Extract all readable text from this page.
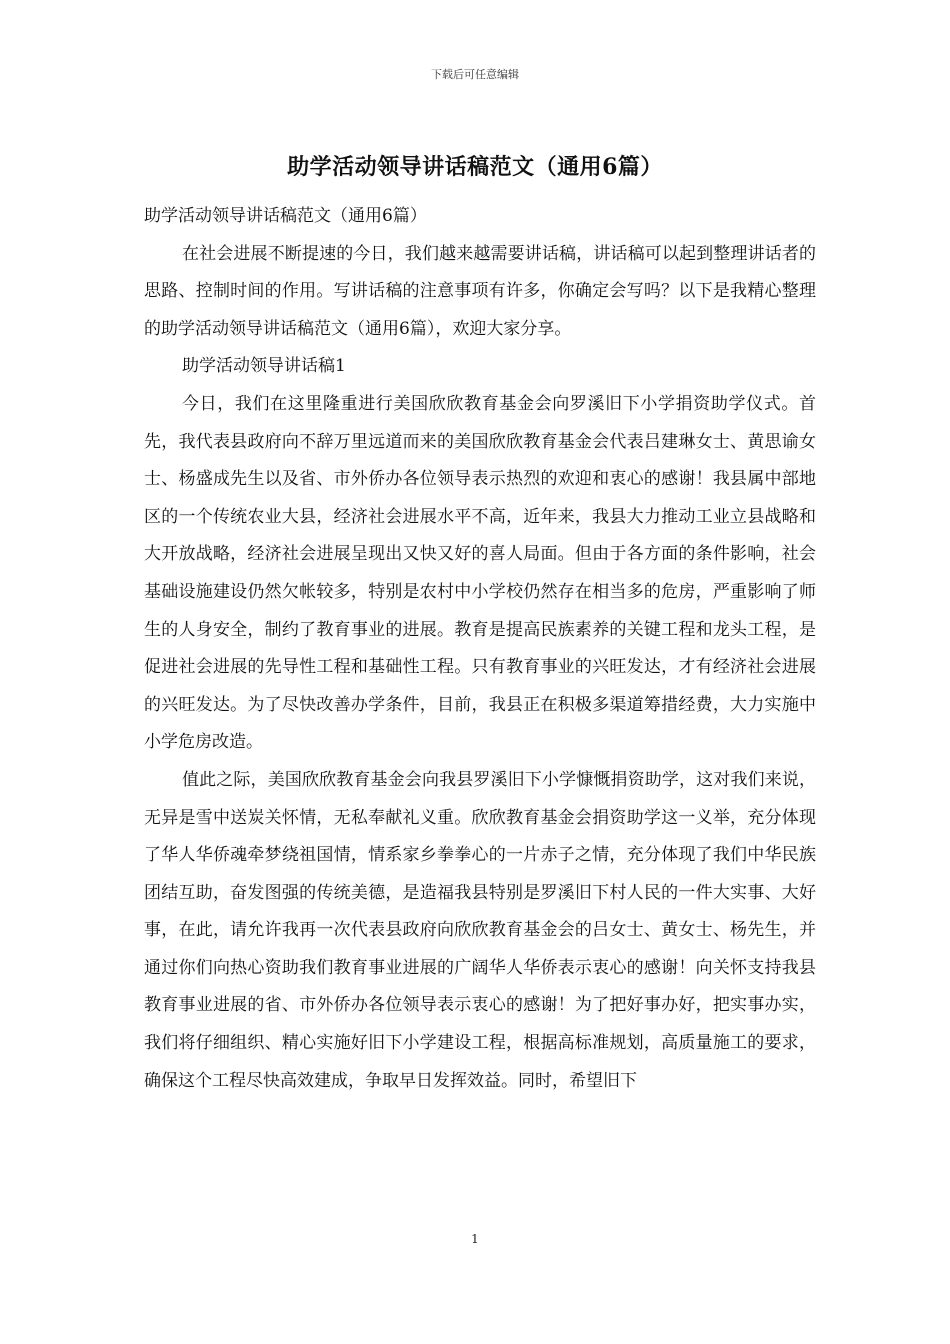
下载后可任意编辑
助学活动领导讲话稿范文（通用6篇）

助学活动领导讲话稿范文（通用6篇）

在社会进展不断提速的今日，我们越来越需要讲话稿，讲话稿可以起到整理讲话者的思路、控制时间的作用。写讲话稿的注意事项有许多，你确定会写吗？以下是我精心整理的助学活动领导讲话稿范文（通用6篇），欢迎大家分享。

助学活动领导讲话稿1

今日，我们在这里隆重进行美国欣欣教育基金会向罗溪旧下小学捐资助学仪式。首先，我代表县政府向不辞万里远道而来的美国欣欣教育基金会代表吕建琳女士、黄思谕女士、杨盛成先生以及省、市外侨办各位领导表示热烈的欢迎和衷心的感谢！我县属中部地区的一个传统农业大县，经济社会进展水平不高，近年来，我县大力推动工业立县战略和大开放战略，经济社会进展呈现出又快又好的喜人局面。但由于各方面的条件影响，社会基础设施建设仍然欠帐较多，特别是农村中小学校仍然存在相当多的危房，严重影响了师生的人身安全，制约了教育事业的进展。教育是提高民族素养的关键工程和龙头工程，是促进社会进展的先导性工程和基础性工程。只有教育事业的兴旺发达，才有经济社会进展的兴旺发达。为了尽快改善办学条件，目前，我县正在积极多渠道筹措经费，大力实施中小学危房改造。

值此之际，美国欣欣教育基金会向我县罗溪旧下小学慷慨捐资助学，这对我们来说，无异是雪中送炭关怀情，无私奉献礼义重。欣欣教育基金会捐资助学这一义举，充分体现了华人华侨魂牵梦绕祖国情，情系家乡拳拳心的一片赤子之情，充分体现了我们中华民族团结互助，奋发图强的传统美德，是造福我县特别是罗溪旧下村人民的一件大实事、大好事，在此，请允许我再一次代表县政府向欣欣教育基金会的吕女士、黄女士、杨先生，并通过你们向热心资助我们教育事业进展的广阔华人华侨表示衷心的感谢！向关怀支持我县教育事业进展的省、市外侨办各位领导表示衷心的感谢！为了把好事办好，把实事办实，我们将仔细组织、精心实施好旧下小学建设工程，根据高标准规划，高质量施工的要求，确保这个工程尽快高效建成，争取早日发挥效益。同时，希望旧下

1
